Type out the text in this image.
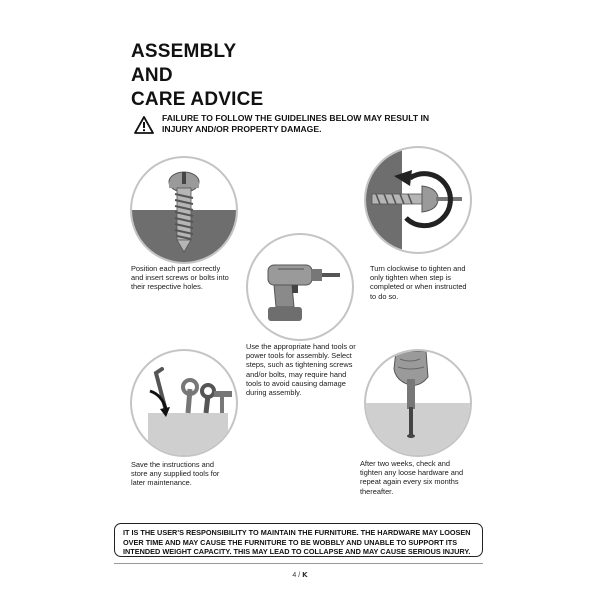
ASSEMBLY
AND
CARE ADVICE
FAILURE TO FOLLOW THE GUIDELINES BELOW MAY RESULT IN INJURY AND/OR PROPERTY DAMAGE.
Position each part correctly and insert screws or bolts into their respective holes.
Turn clockwise to tighten and only tighten when step is completed or when instructed to do so.
Use the appropriate hand tools or power tools for assembly. Select steps, such as tightening screws and/or bolts, may require hand tools to avoid causing damage during assembly.
Save the instructions and store any supplied tools for later maintenance.
After two weeks, check and tighten any loose hardware and repeat again every six months thereafter.
IT IS THE USER'S RESPONSIBILITY TO MAINTAIN THE FURNITURE. THE HARDWARE MAY LOOSEN OVER TIME AND MAY CAUSE THE FURNITURE TO BE WOBBLY AND UNABLE TO SUPPORT ITS INTENDED WEIGHT CAPACITY. THIS MAY LEAD TO COLLAPSE AND MAY CAUSE SERIOUS INJURY.
4 / K
